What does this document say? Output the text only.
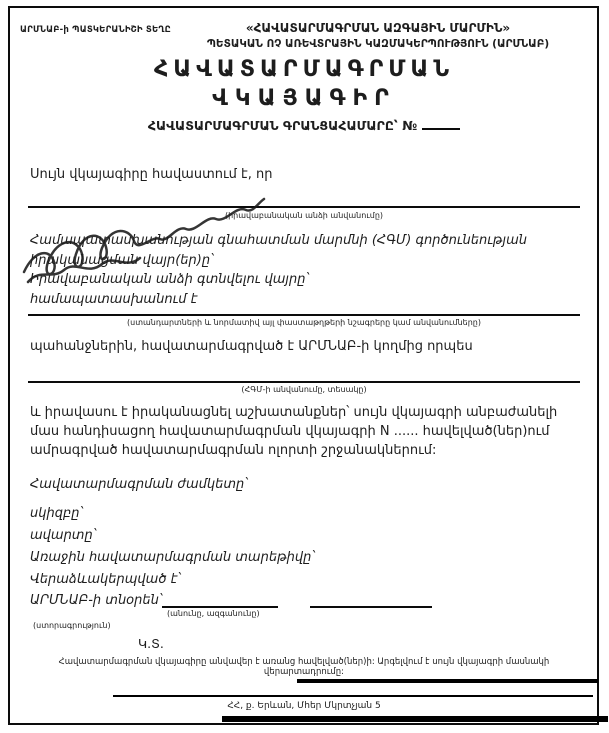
ԱՐՄՆԱԲ-ի ՊԱՏԿԵՐԱՆԻՇԻ ՏԵՂԸ	«ՀԱՎԱՏԱՐՄԱԳՐՄԱՆ ԱԶԳԱՅԻՆ ՄԱՐՄԻՆ»
ՊԵՏԱԿԱՆ ՈՉ ԱՌԵՎՏՐԱՅԻՆ ԿԱԶՄԱԿԵՐՊՈՒԹՅՈՒՆ (ԱՐՄՆԱԲ)
ՀԱՎԱՏԱՐՄԱԳՐՄԱՆ
ՎԿԱՅԱԳԻՐ
ՀԱՎԱՏԱՐՄԱԳՐՄԱՆ ԳՐԱՆՑԱՀԱՄԱՐԸ՝ №
Սույն վկայագիրը հավաստում է, որ
(իրավաբանական անձի անվանումը)
Համապատասխանության գնահատման մարմնի (ՀԳՄ) գործունեության իրականացման վայր(եր)ը՝
Իրավաբանական անձի գտնվելու վայրը՝
համապատասխանում է
(ստանդարտների և նորմատիվ այլ փաստաթղթերի նշագրերը կամ անվանումները)
պահանջներին, հավատարմագրված է ԱՐՄՆԱԲ-ի կողմից որպես
(ՀԳՄ-ի անվանումը, տեսակը)
և իրավասու է իրականացնել աշխատանքներ՝ սույն վկայագրի անբաժանելի մաս հանդիսացող հավատարմագրման վկայագրի N ...... հավելված(ներ)ում ամրագրված հավատարմագրման ոլորտի շրջանակներում:
Հավատարմագրման ժամկետը՝
սկիզբը՝
ավարտը՝
Առաջին հավատարմագրման տարեթիվը՝
Վերաձևակերպված է՝
ԱՐՄՆԱԲ-ի տնօրեն՝
(անունը, ազգանունը)
(ստորագրություն)
Կ.Տ.
Հավատարմագրման վկայագիրը անվավեր է առանց հավելված(ներ)ի: Արգելվում է սույն վկայագրի մասնակի վերարտադրումը:
ՀՀ, ք. Երևան, Մհեր Մկրտչյան 5
